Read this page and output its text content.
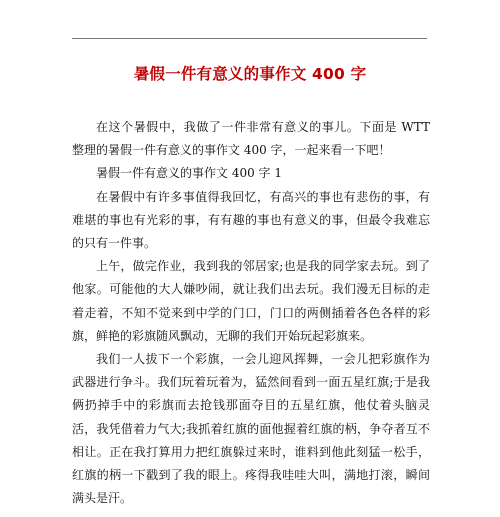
暑假一件有意义的事作文 400 字

在这个暑假中，我做了一件非常有意义的事儿。下面是 WTT 整理的暑假一件有意义的事作文 400 字，一起来看一下吧！

暑假一件有意义的事作文 400 字 1

在暑假中有许多事值得我回忆，有高兴的事也有悲伤的事，有难堪的事也有光彩的事，有有趣的事也有意义的事，但最令我难忘的只有一件事。

上午，做完作业，我到我的邻居家;也是我的同学家去玩。到了他家。可能他的大人嫌吵闹，就让我们出去玩。我们漫无目标的走着走着，不知不觉来到中学的门口，门口的两侧插着各色各样的彩旗，鲜艳的彩旗随风飘动，无聊的我们开始玩起彩旗来。

我们一人拔下一个彩旗，一会儿迎风挥舞，一会儿把彩旗作为武器进行争斗。我们玩着玩着为，猛然间看到一面五星红旗;于是我俩扔掉手中的彩旗而去抢钱那面夺目的五星红旗，他仗着头脑灵活，我凭借着力气大;我抓着红旗的面他握着红旗的柄，争夺者互不相让。正在我打算用力把红旗躲过来时，谁料到他此刻猛一松手，红旗的柄一下戳到了我的眼上。疼得我哇哇大叫，满地打滚，瞬间满头是汗。
